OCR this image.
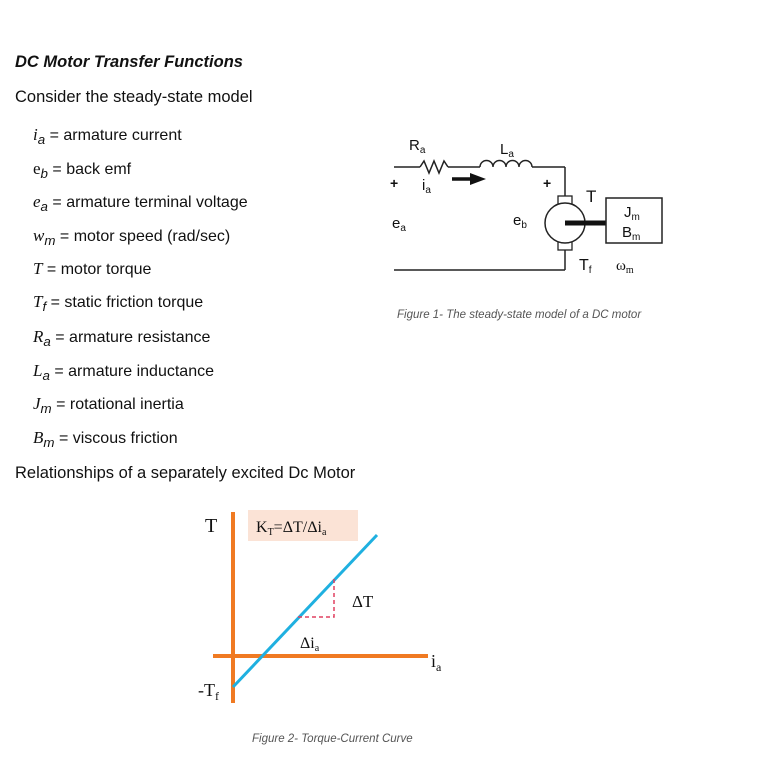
DC Motor Transfer Functions
Consider the steady-state model
$i_a$ = armature current
$e_b$ = back emf
$e_a$ = armature terminal voltage
$w_m$ = motor speed (rad/sec)
T = motor torque
$T_f$ = static friction torque
$R_a$ = armature resistance
$L_a$ = armature inductance
$J_m$ = rotational inertia
$B_m$ = viscous friction
Relationships of a separately excited Dc Motor
$R_a$	$L_a$
+ $i_a$	+
T
$e_a$	$e_b$
$J_m$
$B_m$
Tf $\omega_m$
Figure 1- The steady-state model of a DC motor
KT=ΔT/Δia
T
ΔT
Δia
$i_a$
$-T_f$
Figure 2- Torque-Current Curve
